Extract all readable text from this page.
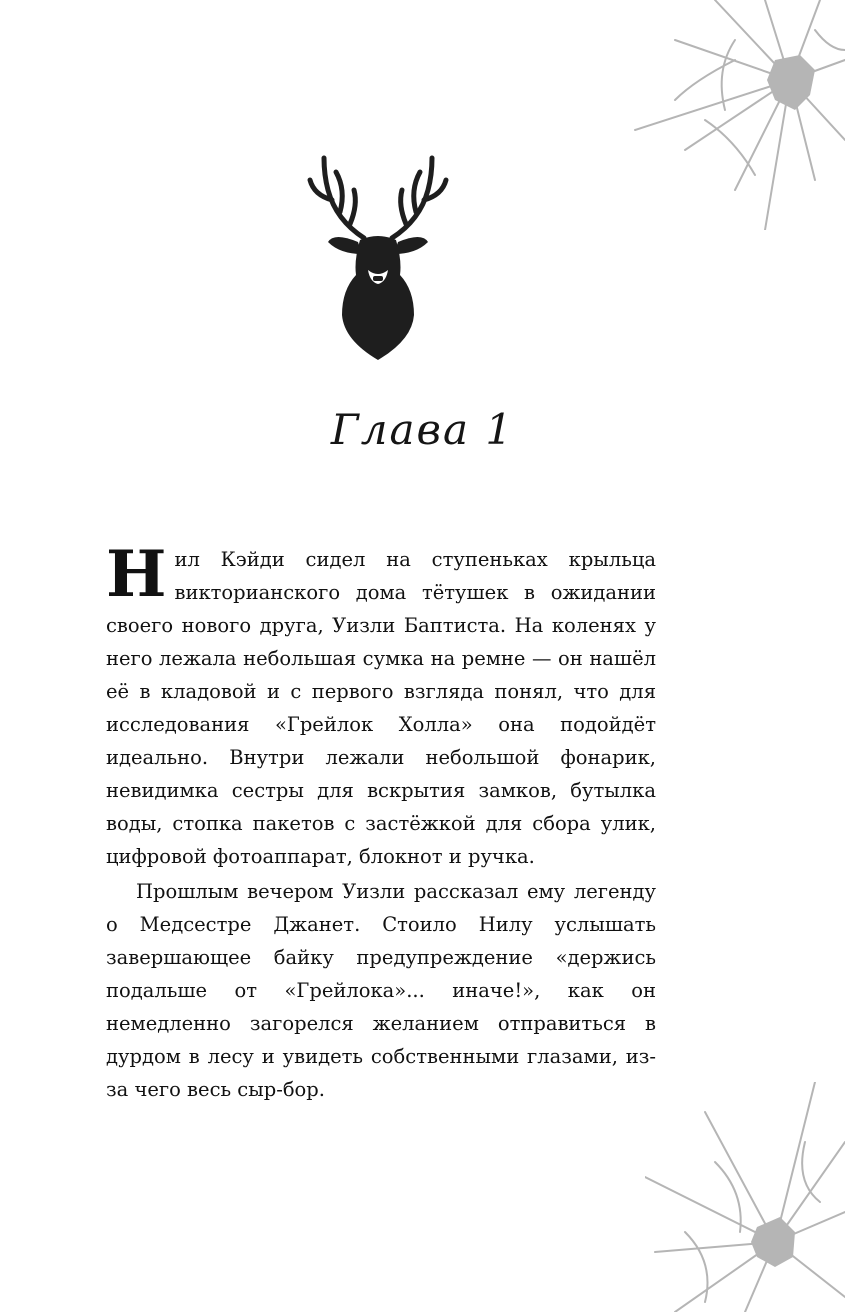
Глава 1

Нил Кэйди сидел на ступеньках крыльца викторианского дома тётушек в ожидании своего нового друга, Уизли Баптиста. На коленях у него лежала небольшая сумка на ремне — он нашёл её в кладовой и с первого взгляда понял, что для исследования «Грейлок Холла» она подойдёт идеально. Внутри лежали небольшой фонарик, невидимка сестры для вскрытия замков, бутылка воды, стопка пакетов с застёжкой для сбора улик, цифровой фотоаппарат, блокнот и ручка.

Прошлым вечером Уизли рассказал ему легенду о Медсестре Джанет. Стоило Нилу услышать завершающее байку предупреждение «держись подальше от «Грейлока»... иначе!», как он немедленно загорелся желанием отправиться в дурдом в лесу и увидеть собственными глазами, из-за чего весь сыр-бор.
